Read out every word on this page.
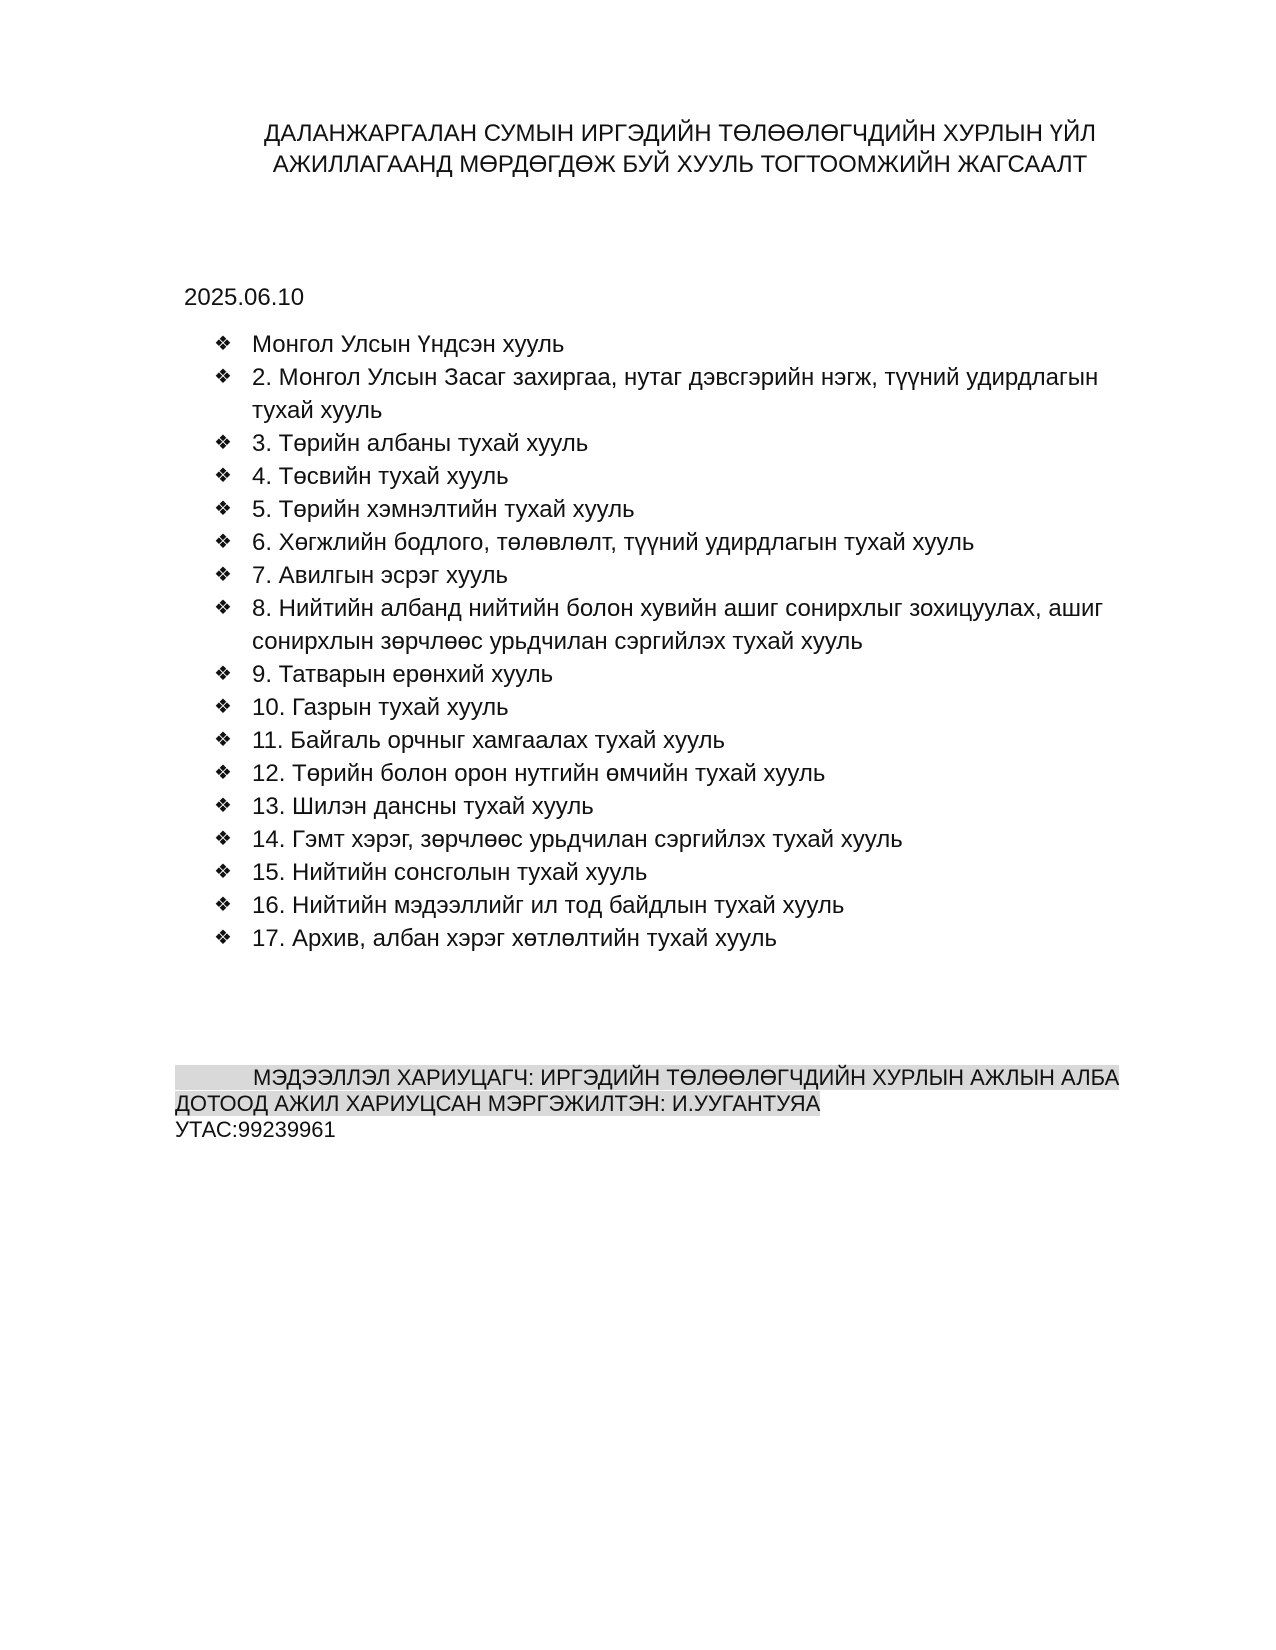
ДАЛАНЖАРГАЛАН СУМЫН ИРГЭДИЙН ТӨЛӨӨЛӨГЧДИЙН ХУРЛЫН ҮЙЛ
АЖИЛЛАГААНД МӨРДӨГДӨЖ БУЙ ХУУЛЬ ТОГТООМЖИЙН ЖАГСААЛТ
2025.06.10
❖ Монгол Улсын Үндсэн хууль
❖ 2. Монгол Улсын Засаг захиргаа, нутаг дэвсгэрийн нэгж, түүний удирдлагын тухай хууль
❖ 3. Төрийн албаны тухай хууль
❖ 4. Төсвийн тухай хууль
❖ 5. Төрийн хэмнэлтийн тухай хууль
❖ 6. Хөгжлийн бодлого, төлөвлөлт, түүний удирдлагын тухай хууль
❖ 7. Авилгын эсрэг хууль
❖ 8. Нийтийн албанд нийтийн болон хувийн ашиг сонирхлыг зохицуулах, ашиг сонирхлын зөрчлөөс урьдчилан сэргийлэх тухай хууль
❖ 9. Татварын ерөнхий хууль
❖ 10. Газрын тухай хууль
❖ 11. Байгаль орчныг хамгаалах тухай хууль
❖ 12. Төрийн болон орон нутгийн өмчийн тухай хууль
❖ 13. Шилэн дансны тухай хууль
❖ 14. Гэмт хэрэг, зөрчлөөс урьдчилан сэргийлэх тухай хууль
❖ 15. Нийтийн сонсголын тухай хууль
❖ 16. Нийтийн мэдээллийг ил тод байдлын тухай хууль
❖ 17. Архив, албан хэрэг хөтлөлтийн тухай хууль
МЭДЭЭЛЛЭЛ ХАРИУЦАГЧ: ИРГЭДИЙН ТӨЛӨӨЛӨГЧДИЙН ХУРЛЫН АЖЛЫН АЛБА
ДОТООД АЖИЛ ХАРИУЦСАН МЭРГЭЖИЛТЭН: И.УУГАНТУЯА
УТАС:99239961
